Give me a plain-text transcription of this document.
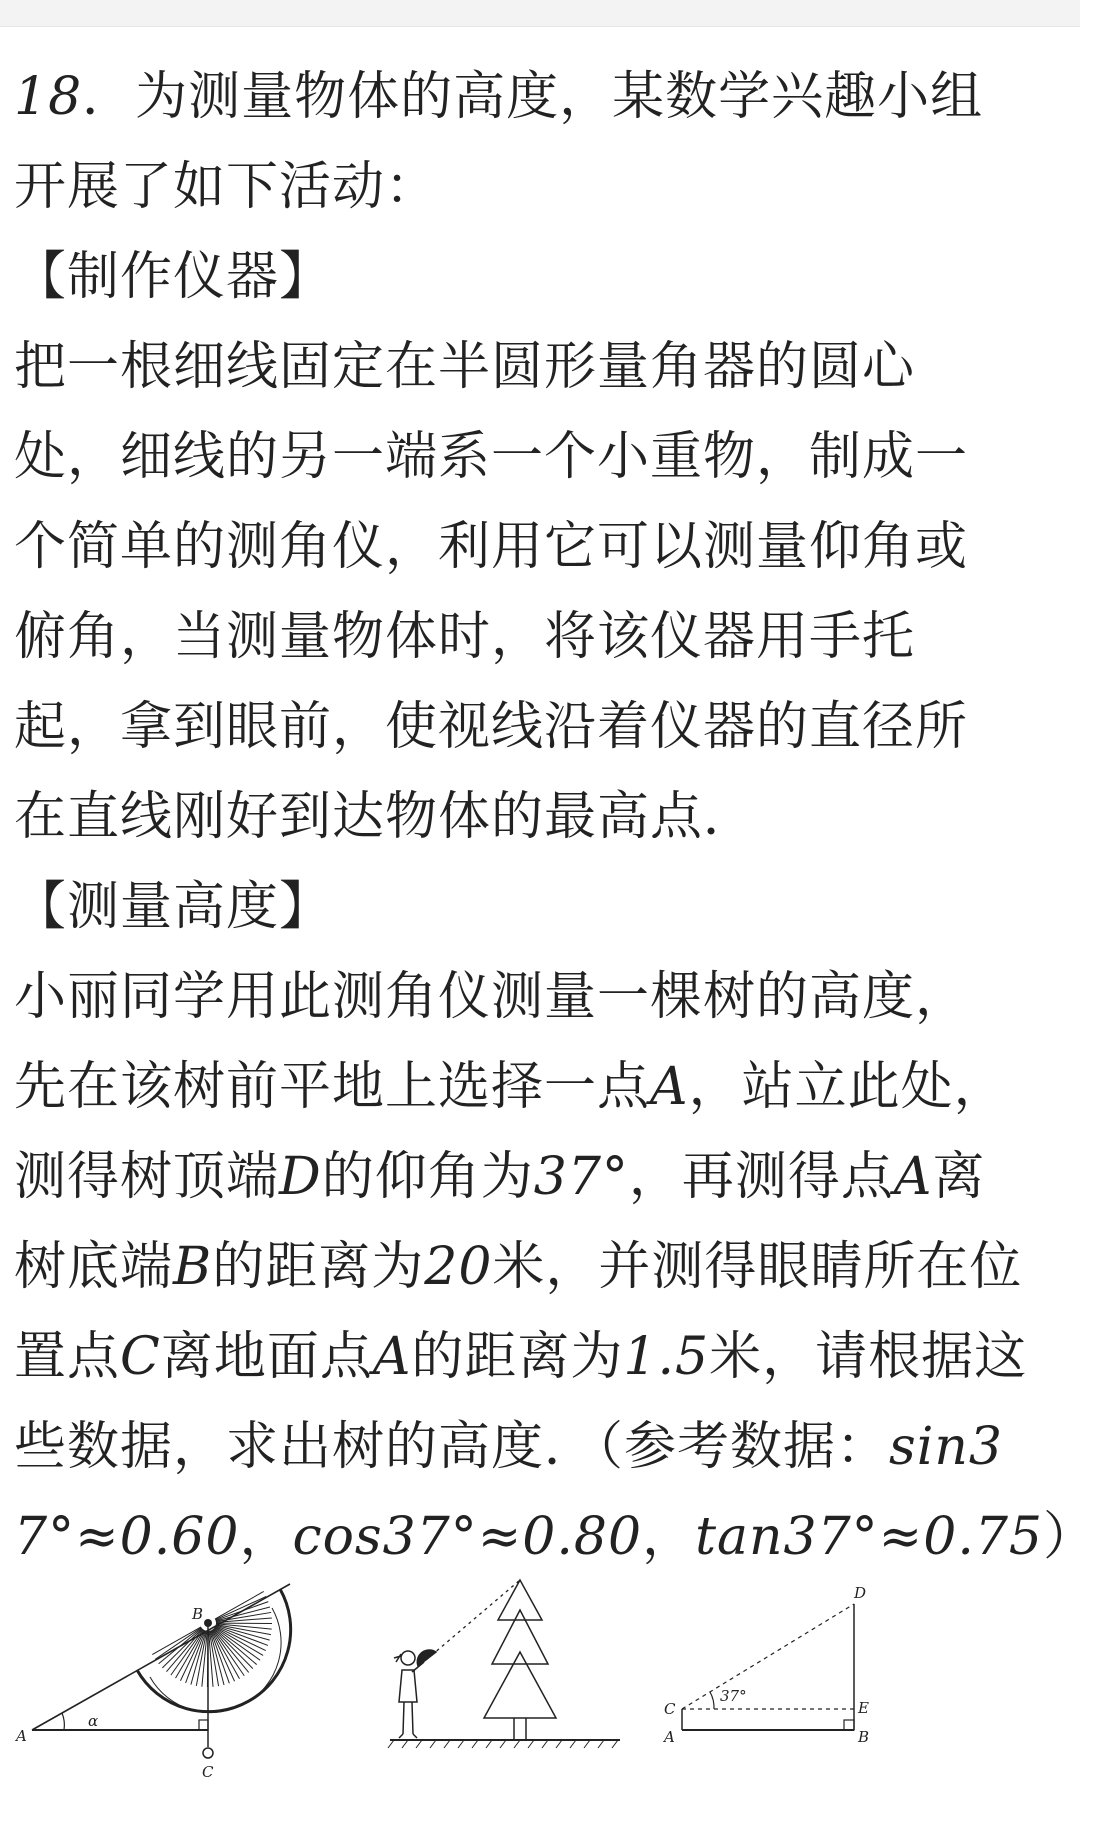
18．为测量物体的高度，某数学兴趣小组
开展了如下活动：
【制作仪器】
把一根细线固定在半圆形量角器的圆心
处，细线的另一端系一个小重物，制成一
个简单的测角仪，利用它可以测量仰角或
俯角，当测量物体时，将该仪器用手托
起，拿到眼前，使视线沿着仪器的直径所
在直线刚好到达物体的最高点．
【测量高度】
小丽同学用此测角仪测量一棵树的高度，
先在该树前平地上选择一点A，站立此处，
测得树顶端D的仰角为37°，再测得点A离
树底端B的距离为20米，并测得眼睛所在位
置点C离地面点A的距离为1.5米，请根据这
些数据，求出树的高度．（参考数据：sin3
7°≈0.60，cos37°≈0.80，tan37°≈0.75）
B
A
C
α
D
C	E
A	B
37°
